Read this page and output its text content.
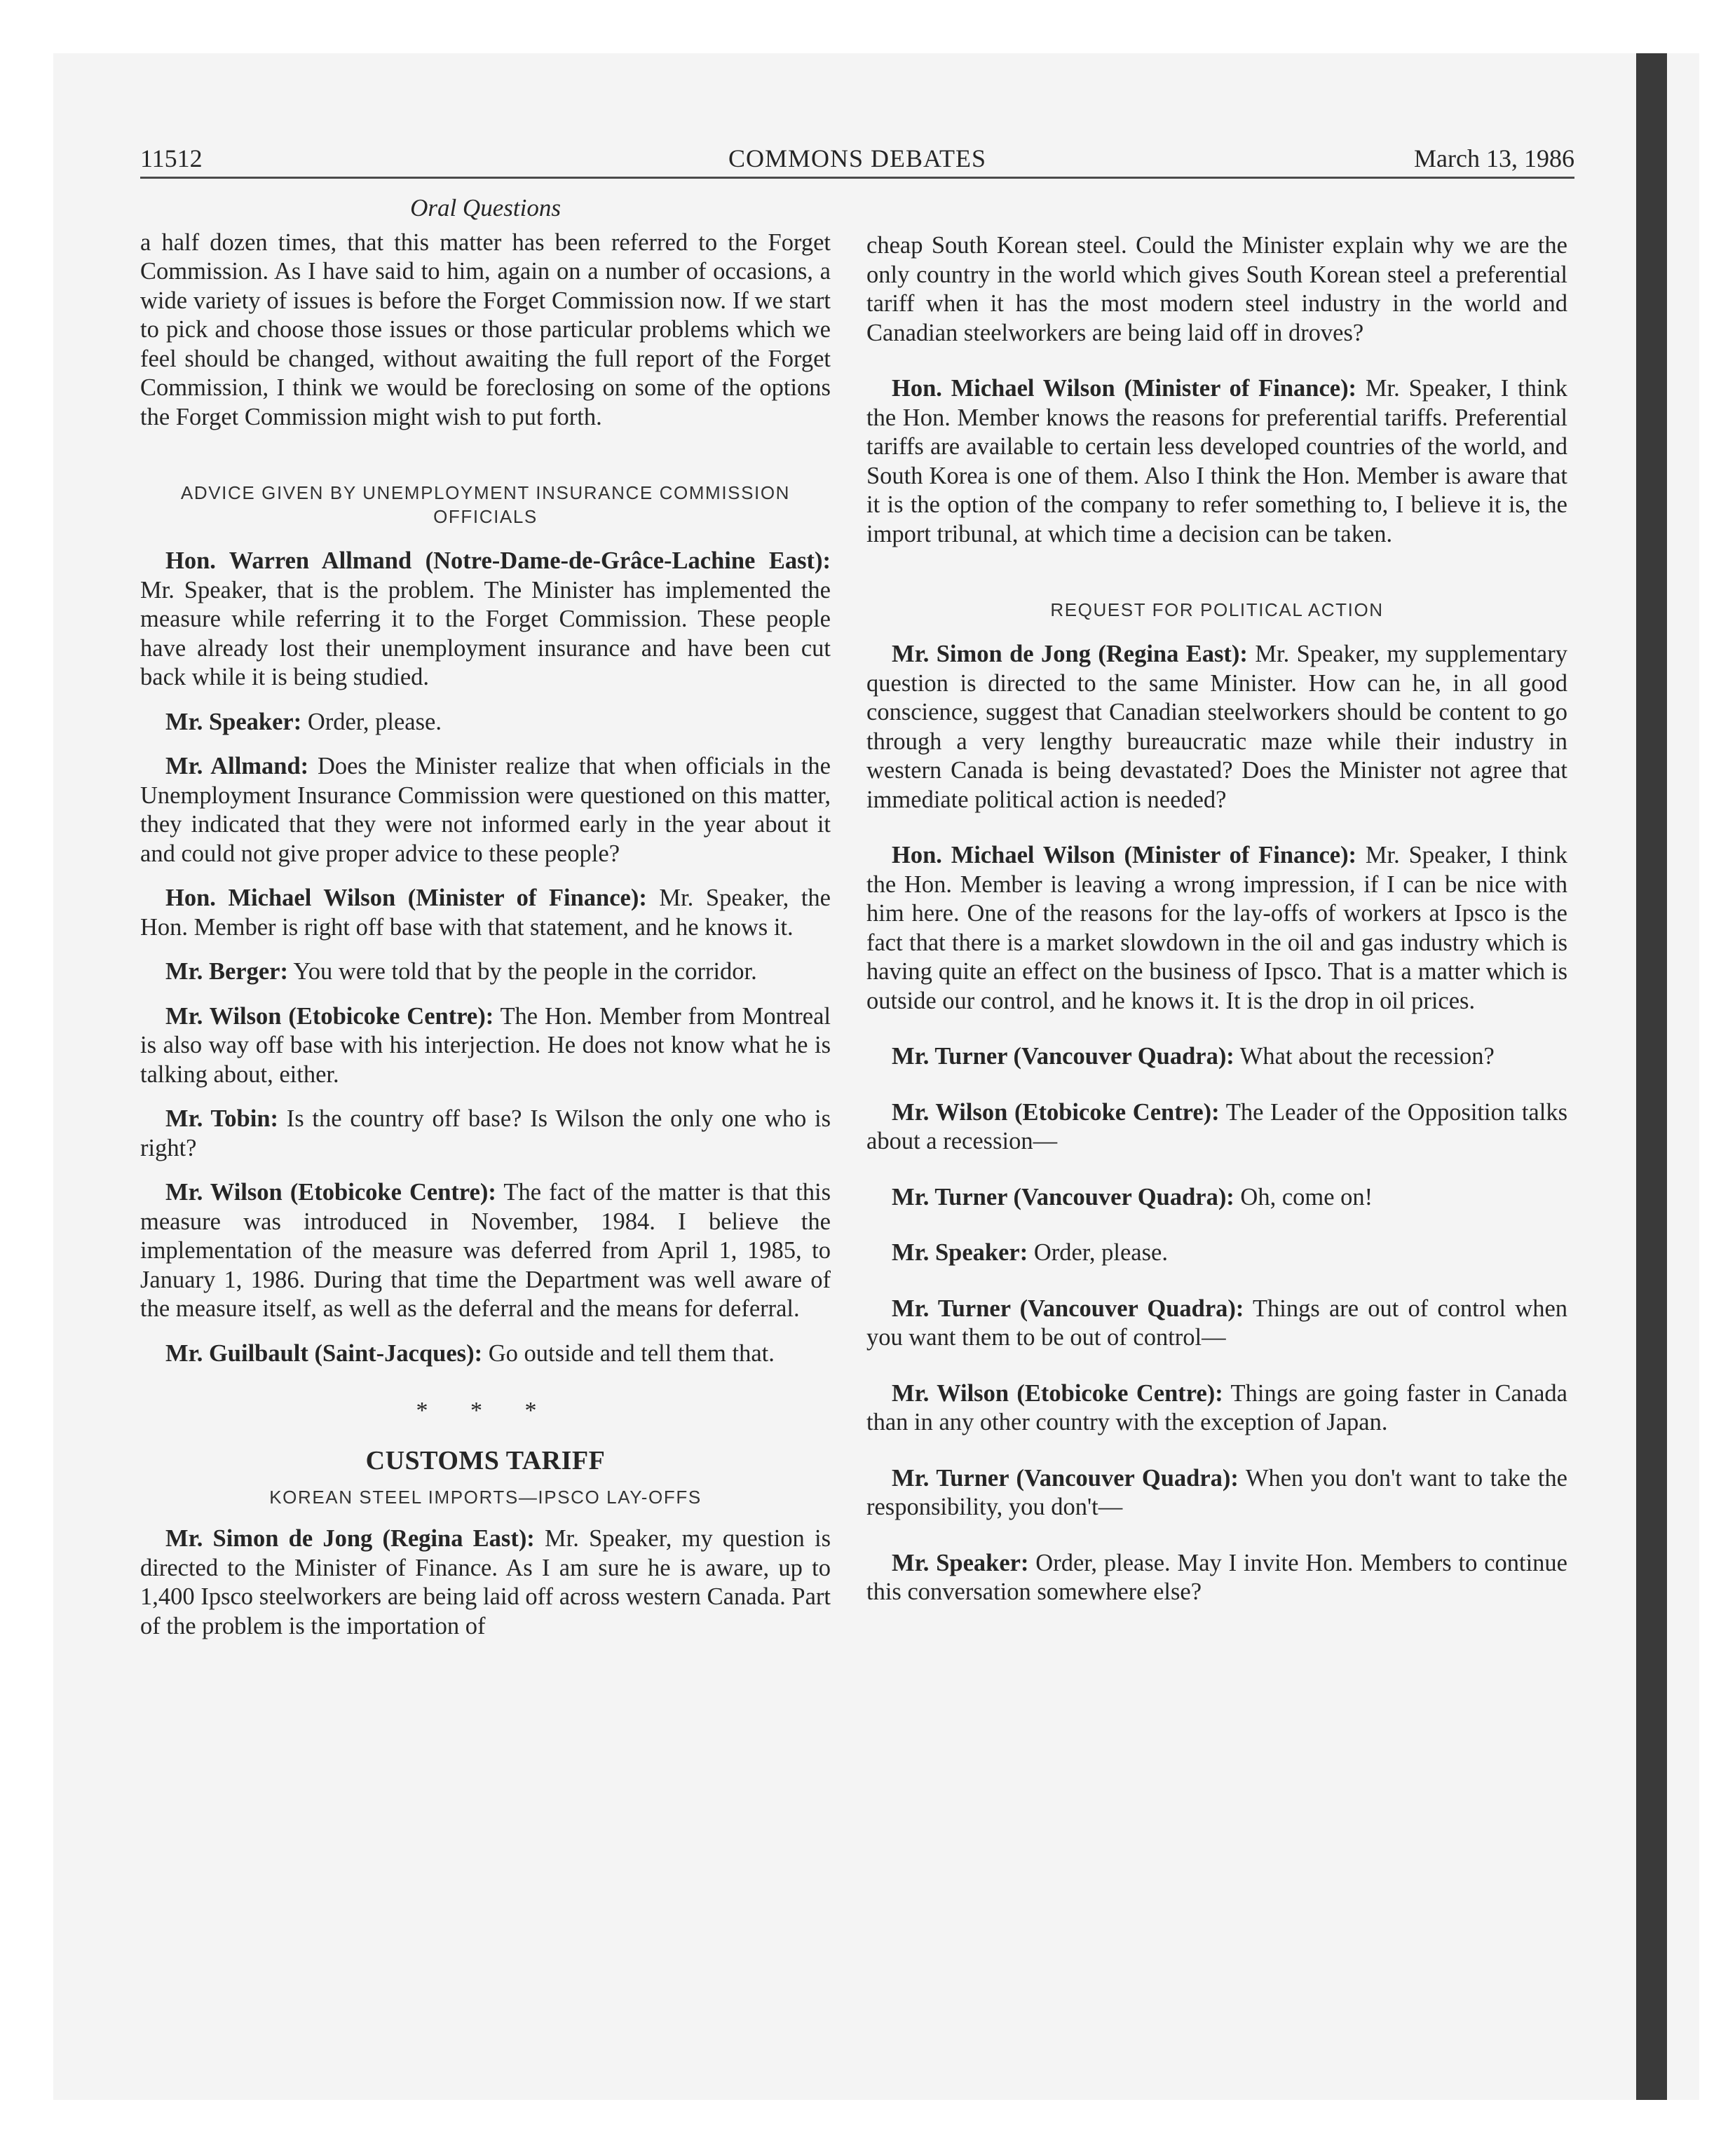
COMMONS DEBATES
11512	March 13, 1986
Oral Questions

a half dozen times, that this matter has been referred to the Forget Commission. As I have said to him, again on a number of occasions, a wide variety of issues is before the Forget Commission now. If we start to pick and choose those issues or those particular problems which we feel should be changed, without awaiting the full report of the Forget Commission, I think we would be foreclosing on some of the options the Forget Commission might wish to put forth.

ADVICE GIVEN BY UNEMPLOYMENT INSURANCE COMMISSION OFFICIALS

Hon. Warren Allmand (Notre-Dame-de-Grâce-Lachine East): Mr. Speaker, that is the problem. The Minister has implemented the measure while referring it to the Forget Commission. These people have already lost their unemployment insurance and have been cut back while it is being studied.

Mr. Speaker: Order, please.

Mr. Allmand: Does the Minister realize that when officials in the Unemployment Insurance Commission were questioned on this matter, they indicated that they were not informed early in the year about it and could not give proper advice to these people?

Hon. Michael Wilson (Minister of Finance): Mr. Speaker, the Hon. Member is right off base with that statement, and he knows it.

Mr. Berger: You were told that by the people in the corridor.

Mr. Wilson (Etobicoke Centre): The Hon. Member from Montreal is also way off base with his interjection. He does not know what he is talking about, either.

Mr. Tobin: Is the country off base? Is Wilson the only one who is right?

Mr. Wilson (Etobicoke Centre): The fact of the matter is that this measure was introduced in November, 1984. I believe the implementation of the measure was deferred from April 1, 1985, to January 1, 1986. During that time the Department was well aware of the measure itself, as well as the deferral and the means for deferral.

Mr. Guilbault (Saint-Jacques): Go outside and tell them that.

* * *
CUSTOMS TARIFF
KOREAN STEEL IMPORTS—IPSCO LAY-OFFS

Mr. Simon de Jong (Regina East): Mr. Speaker, my question is directed to the Minister of Finance. As I am sure he is aware, up to 1,400 Ipsco steelworkers are being laid off across western Canada. Part of the problem is the importation of

cheap South Korean steel. Could the Minister explain why we are the only country in the world which gives South Korean steel a preferential tariff when it has the most modern steel industry in the world and Canadian steelworkers are being laid off in droves?

Hon. Michael Wilson (Minister of Finance): Mr. Speaker, I think the Hon. Member knows the reasons for preferential tariffs. Preferential tariffs are available to certain less developed countries of the world, and South Korea is one of them. Also I think the Hon. Member is aware that it is the option of the company to refer something to, I believe it is, the import tribunal, at which time a decision can be taken.

REQUEST FOR POLITICAL ACTION

Mr. Simon de Jong (Regina East): Mr. Speaker, my supplementary question is directed to the same Minister. How can he, in all good conscience, suggest that Canadian steelworkers should be content to go through a very lengthy bureaucratic maze while their industry in western Canada is being devastated? Does the Minister not agree that immediate political action is needed?

Hon. Michael Wilson (Minister of Finance): Mr. Speaker, I think the Hon. Member is leaving a wrong impression, if I can be nice with him here. One of the reasons for the lay-offs of workers at Ipsco is the fact that there is a market slowdown in the oil and gas industry which is having quite an effect on the business of Ipsco. That is a matter which is outside our control, and he knows it. It is the drop in oil prices.

Mr. Turner (Vancouver Quadra): What about the recession?

Mr. Wilson (Etobicoke Centre): The Leader of the Opposition talks about a recession—

Mr. Turner (Vancouver Quadra): Oh, come on!

Mr. Speaker: Order, please.

Mr. Turner (Vancouver Quadra): Things are out of control when you want them to be out of control—

Mr. Wilson (Etobicoke Centre): Things are going faster in Canada than in any other country with the exception of Japan.

Mr. Turner (Vancouver Quadra): When you don't want to take the responsibility, you don't—

Mr. Speaker: Order, please. May I invite Hon. Members to continue this conversation somewhere else?
